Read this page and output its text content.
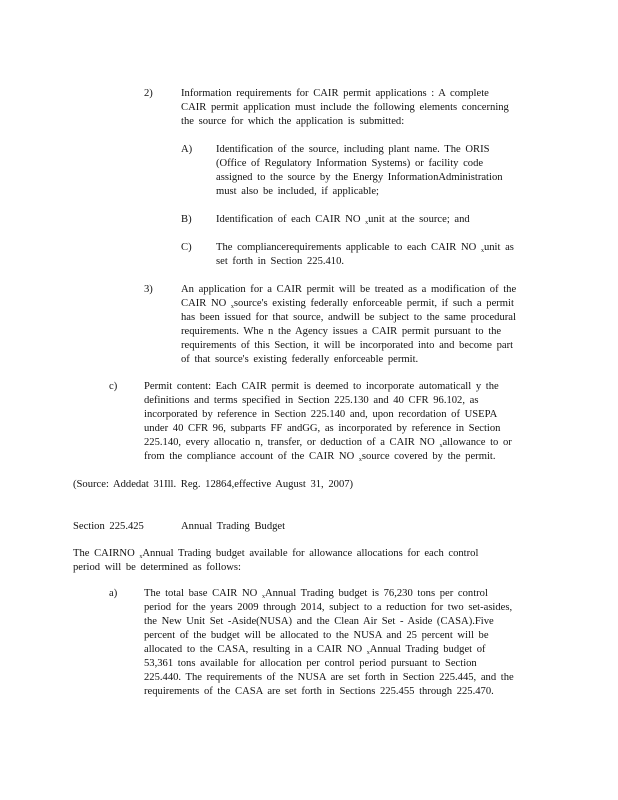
2)	Information requirements for CAIR permit applications : A complete
CAIR permit application must include the following elements concerning
the source for which the application is submitted:
A) Identification of the source, including plant name. The ORIS
(Office of Regulatory Information Systems) or facility code
assigned to the source by the Energy InformationAdministration
must also be included, if applicable;
B) Identification of each CAIR NO $_x$unit at the source; and
C) The compliancerequirements applicable to each CAIR NO $_x$unit as
set forth in Section 225.410.
3)	An application for a CAIR permit will be treated as a modification of the
CAIR NO $_x$source's existing federally enforceable permit, if such a permit
has been issued for that source, andwill be subject to the same procedural
requirements. Whe n the Agency issues a CAIR permit pursuant to the
requirements of this Section, it will be incorporated into and become part
of that source's existing federally enforceable permit.
c)	Permit content: Each CAIR permit is deemed to incorporate automaticall y the
definitions and terms specified in Section 225.130 and 40 CFR 96.102, as
incorporated by reference in Section 225.140 and, upon recordation of USEPA
under 40 CFR 96, subparts FF andGG, as incorporated by reference in Section
225.140, every allocatio n, transfer, or deduction of a CAIR NO $_x$allowance to or
from the compliance account of the CAIR NO $_x$source covered by the permit.
(Source: Addedat 31Ill. Reg. 12864,effective August 31, 2007)
Section 225.425	Annual Trading Budget
The CAIRNO $_x$Annual Trading budget available for allowance allocations for each control
period will be determined as follows:
a)	The total base CAIR NO $_x$Annual Trading budget is 76,230 tons per control
period for the years 2009 through 2014, subject to a reduction for two set-asides,
the New Unit Set -Aside(NUSA) and the Clean Air Set - Aside (CASA).Five
percent of the budget will be allocated to the NUSA and 25 percent will be
allocated to the CASA, resulting in a CAIR NO $_x$Annual Trading budget of
53,361 tons available for allocation per control period pursuant to Section
225.440. The requirements of the NUSA are set forth in Section 225.445, and the
requirements of the CASA are set forth in Sections 225.455 through 225.470.
